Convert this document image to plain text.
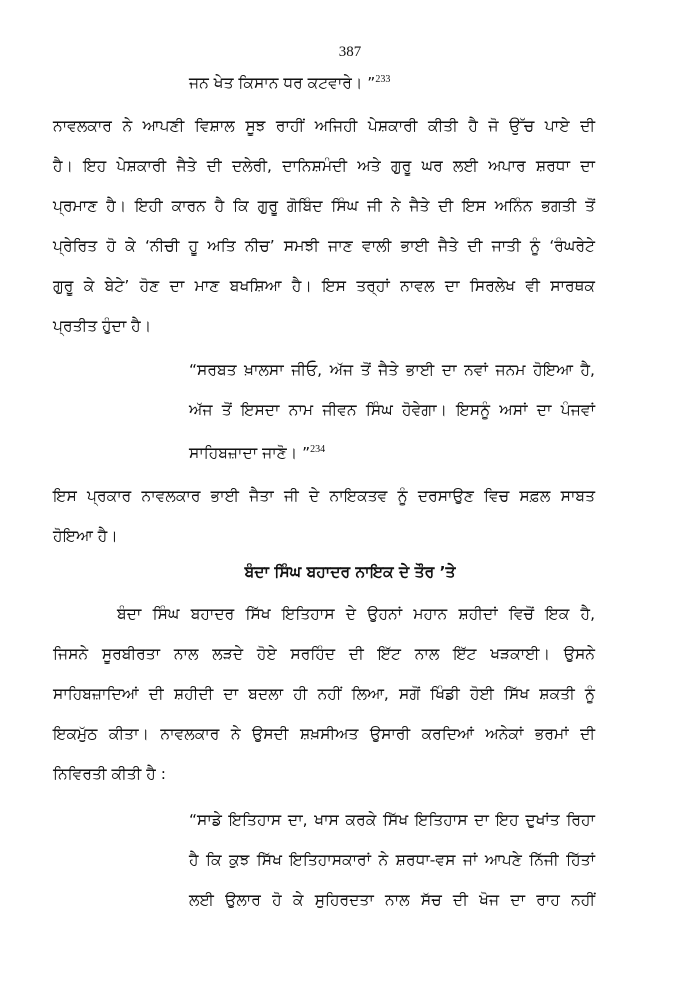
387
ਜਨ ਖੇਤ ਕਿਸਾਨ ਧਰ ਕਟਵਾਰੇ। ”$^{233}$
ਨਾਵਲਕਾਰ ਨੇ ਆਪਣੀ ਵਿਸ਼ਾਲ ਸੂਝ ਰਾਹੀਂ ਅਜਿਹੀ ਪੇਸ਼ਕਾਰੀ ਕੀਤੀ ਹੈ ਜੋ ਉੱਚ ਪਾਏ ਦੀ
ਹੈ। ਇਹ ਪੇਸ਼ਕਾਰੀ ਜੈਤੇ ਦੀ ਦਲੇਰੀ, ਦਾਨਿਸ਼ਮੰਦੀ ਅਤੇ ਗੁਰੂ ਘਰ ਲਈ ਅਪਾਰ ਸ਼ਰਧਾ ਦਾ
ਪ੍ਰਮਾਣ ਹੈ। ਇਹੀ ਕਾਰਨ ਹੈ ਕਿ ਗੁਰੂ ਗੋਬਿੰਦ ਸਿੰਘ ਜੀ ਨੇ ਜੈਤੇ ਦੀ ਇਸ ਅਨਿੰਨ ਭਗਤੀ ਤੋਂ
ਪ੍ਰੇਰਿਤ ਹੋ ਕੇ ‘ਨੀਚੀ ਹੂ ਅਤਿ ਨੀਚ’ ਸਮਝੀ ਜਾਣ ਵਾਲੀ ਭਾਈ ਜੈਤੇ ਦੀ ਜਾਤੀ ਨੂੰ ‘ਰੰਘਰੇਟੇ
ਗੁਰੂ ਕੇ ਬੇਟੇ’ ਹੋਣ ਦਾ ਮਾਣ ਬਖਸ਼ਿਆ ਹੈ। ਇਸ ਤਰ੍ਹਾਂ ਨਾਵਲ ਦਾ ਸਿਰਲੇਖ ਵੀ ਸਾਰਥਕ
ਪ੍ਰਤੀਤ ਹੁੰਦਾ ਹੈ।
“ਸਰਬਤ ਖ਼ਾਲਸਾ ਜੀਓ, ਅੱਜ ਤੋਂ ਜੈਤੇ ਭਾਈ ਦਾ ਨਵਾਂ ਜਨਮ ਹੋਇਆ ਹੈ,
ਅੱਜ ਤੋਂ ਇਸਦਾ ਨਾਮ ਜੀਵਨ ਸਿੰਘ ਹੋਵੇਗਾ। ਇਸਨੂੰ ਅਸਾਂ ਦਾ ਪੰਜਵਾਂ
ਸਾਹਿਬਜ਼ਾਦਾ ਜਾਣੋ। ”$^{234}$
ਇਸ ਪ੍ਰਕਾਰ ਨਾਵਲਕਾਰ ਭਾਈ ਜੈਤਾ ਜੀ ਦੇ ਨਾਇਕਤਵ ਨੂੰ ਦਰਸਾਉਣ ਵਿਚ ਸਫ਼ਲ ਸਾਬਤ
ਹੋਇਆ ਹੈ।
ਬੰਦਾ ਸਿੰਘ ਬਹਾਦਰ ਨਾਇਕ ਦੇ ਤੌਰ ’ਤੇ
ਬੰਦਾ ਸਿੰਘ ਬਹਾਦਰ ਸਿੱਖ ਇਤਿਹਾਸ ਦੇ ਉਹਨਾਂ ਮਹਾਨ ਸ਼ਹੀਦਾਂ ਵਿਚੋਂ ਇਕ ਹੈ,
ਜਿਸਨੇ ਸੂਰਬੀਰਤਾ ਨਾਲ ਲੜਦੇ ਹੋਏ ਸਰਹਿੰਦ ਦੀ ਇੱਟ ਨਾਲ ਇੱਟ ਖੜਕਾਈ। ਉਸਨੇ
ਸਾਹਿਬਜ਼ਾਦਿਆਂ ਦੀ ਸ਼ਹੀਦੀ ਦਾ ਬਦਲਾ ਹੀ ਨਹੀਂ ਲਿਆ, ਸਗੋਂ ਖਿੰਡੀ ਹੋਈ ਸਿੱਖ ਸ਼ਕਤੀ ਨੂੰ
ਇਕਮੁੱਠ ਕੀਤਾ। ਨਾਵਲਕਾਰ ਨੇ ਉਸਦੀ ਸ਼ਖ਼ਸੀਅਤ ਉਸਾਰੀ ਕਰਦਿਆਂ ਅਨੇਕਾਂ ਭਰਮਾਂ ਦੀ
ਨਿਵਿਰਤੀ ਕੀਤੀ ਹੈ :
“ਸਾਡੇ ਇਤਿਹਾਸ ਦਾ, ਖਾਸ ਕਰਕੇ ਸਿੱਖ ਇਤਿਹਾਸ ਦਾ ਇਹ ਦੁਖਾਂਤ ਰਿਹਾ
ਹੈ ਕਿ ਕੁਝ ਸਿੱਖ ਇਤਿਹਾਸਕਾਰਾਂ ਨੇ ਸ਼ਰਧਾ-ਵਸ ਜਾਂ ਆਪਣੇ ਨਿੱਜੀ ਹਿੱਤਾਂ
ਲਈ ਉਲਾਰ ਹੋ ਕੇ ਸੁਹਿਰਦਤਾ ਨਾਲ ਸੱਚ ਦੀ ਖੋਜ ਦਾ ਰਾਹ ਨਹੀਂ
